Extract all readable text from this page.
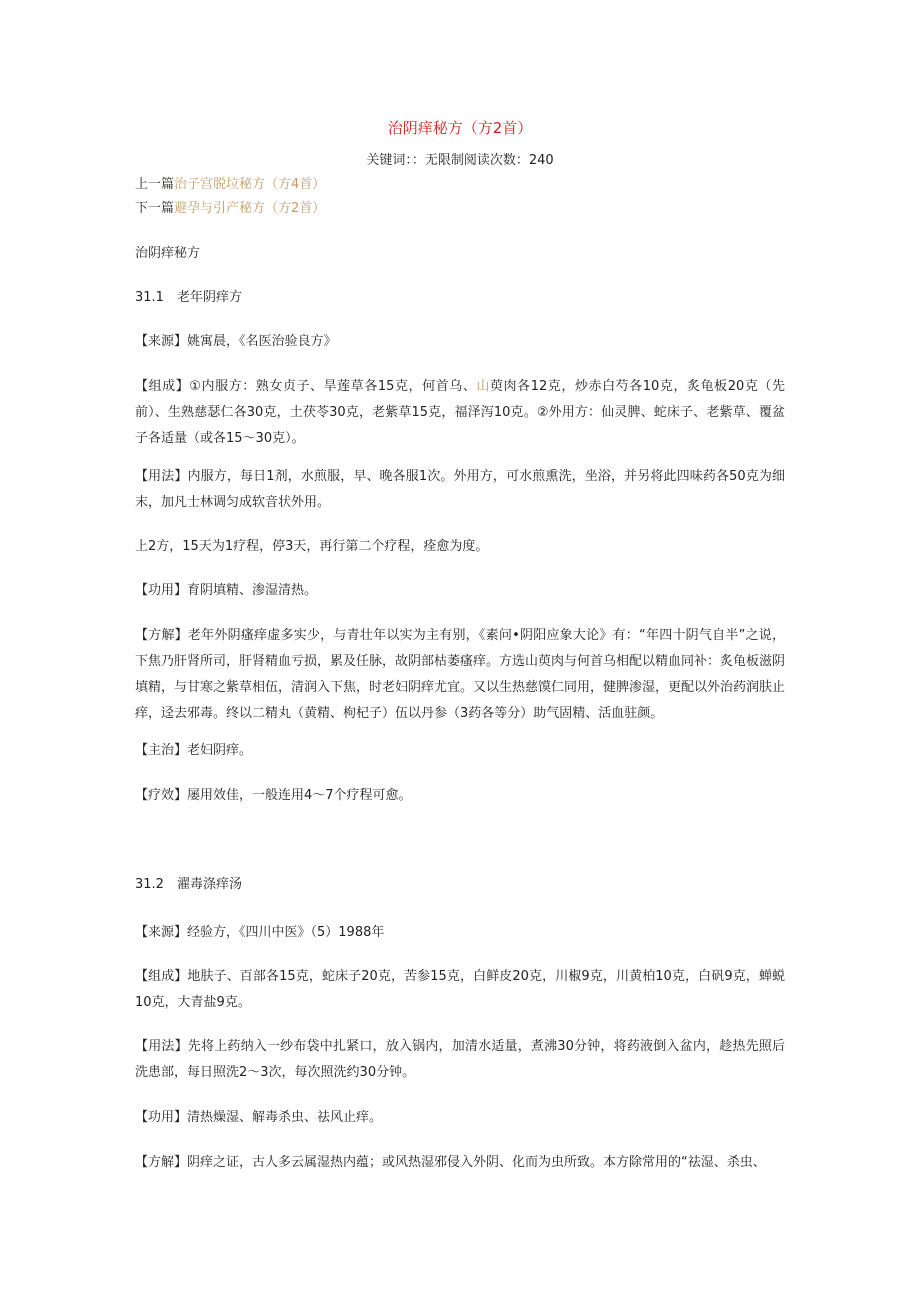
治阴痒秘方（方2首）
关键词：：无限制阅读次数：240
上一篇治子宫脱垃秘方（方4首）
下一篇避孕与引产秘方（方2首）
治阴痒秘方
31.1　老年阴痒方
【来源】姚寓晨，《名医治验良方》
【组成】①内服方：熟女贞子、旱莲草各15克，何首乌、山萸肉各12克，炒赤白芍各10克，炙龟板20克（先前）、生熟慈瑟仁各30克，土茯苓30克，老紫草15克，福泽泻10克。②外用方：仙灵脾、蛇床子、老紫草、覆盆子各适量（或各15～30克）。
【用法】内服方，每日1剂，水煎服，早、晚各服1次。外用方，可水煎熏洗，坐浴，并另将此四味药各50克为细末，加凡士林调匀成软音状外用。
上2方，15天为1疗程，停3天，再行第二个疗程，痊愈为度。
【功用】育阴填精、渗湿清热。
【方解】老年外阴瘙痒虚多实少，与青壮年以实为主有别，《素问•阴阳应象大论》有：“年四十阴气自半”之说，下焦乃肝肾所司，肝肾精血亏损，累及任脉，故阴部枯萎瘙痒。方选山萸肉与何首乌相配以精血同补：炙龟板滋阴填精，与甘寒之紫草相伍，清润入下焦，时老妇阴痒尤宜。又以生热慈馍仁同用，健脾渗湿，更配以外治药润肤止痒，迳去邪毒。终以二精丸（黄精、枸杞子）伍以丹参（3药各等分）助气固精、活血驻颜。
【主治】老妇阴痒。
【疗效】屡用效佳，一般连用4～7个疗程可愈。
31.2　濯毒涤痒汤
【来源】经验方，《四川中医》（5）1988年
【组成】地肤子、百部各15克，蛇床子20克，苦参15克，白鲜皮20克，川椒9克，川黄柏10克，白矾9克，蝉蜕10克，大青盐9克。
【用法】先将上药纳入一纱布袋中扎紧口，放入锅内，加清水适量，煮沸30分钟，将药液倒入盆内，趁热先照后洗患部，每日照洗2～3次，每次照洗约30分钟。
【功用】清热燥湿、解毒杀虫、祛风止痒。
【方解】阴痒之证，古人多云属湿热内蕴；或风热湿邪侵入外阴、化而为虫所致。本方除常用的“祛湿、杀虫、
